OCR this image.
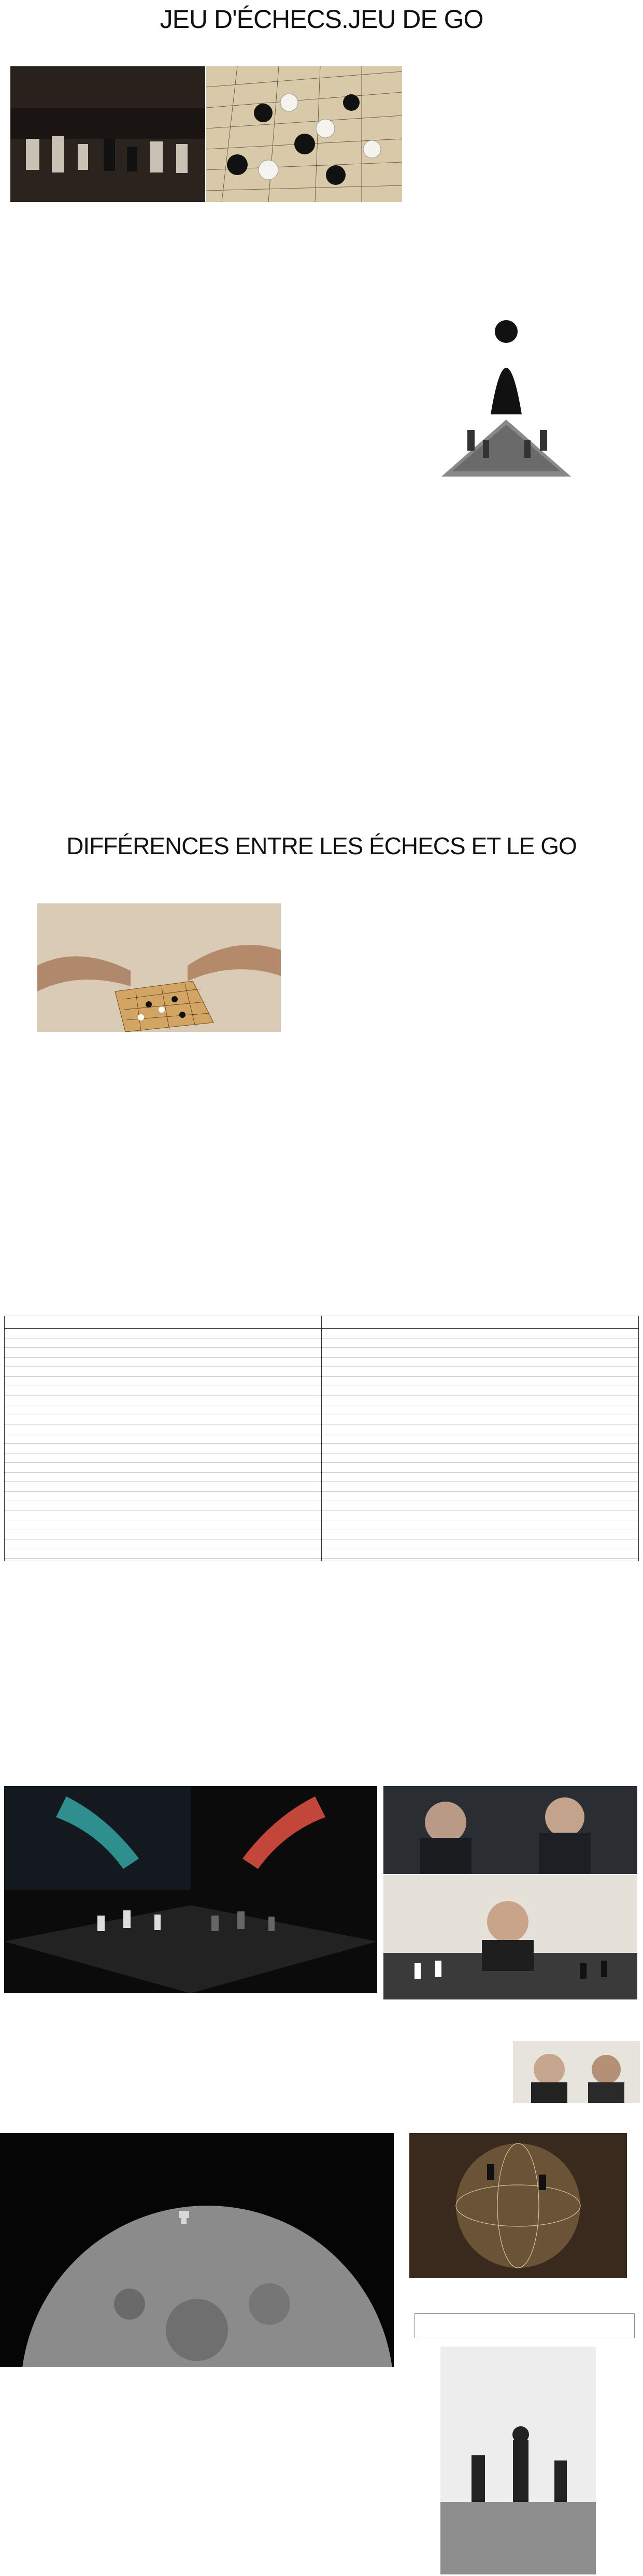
JEU D'ÉCHECS.JEU DE GO

DIFFÉRENCES ENTRE LES ÉCHECS ET LE GO
